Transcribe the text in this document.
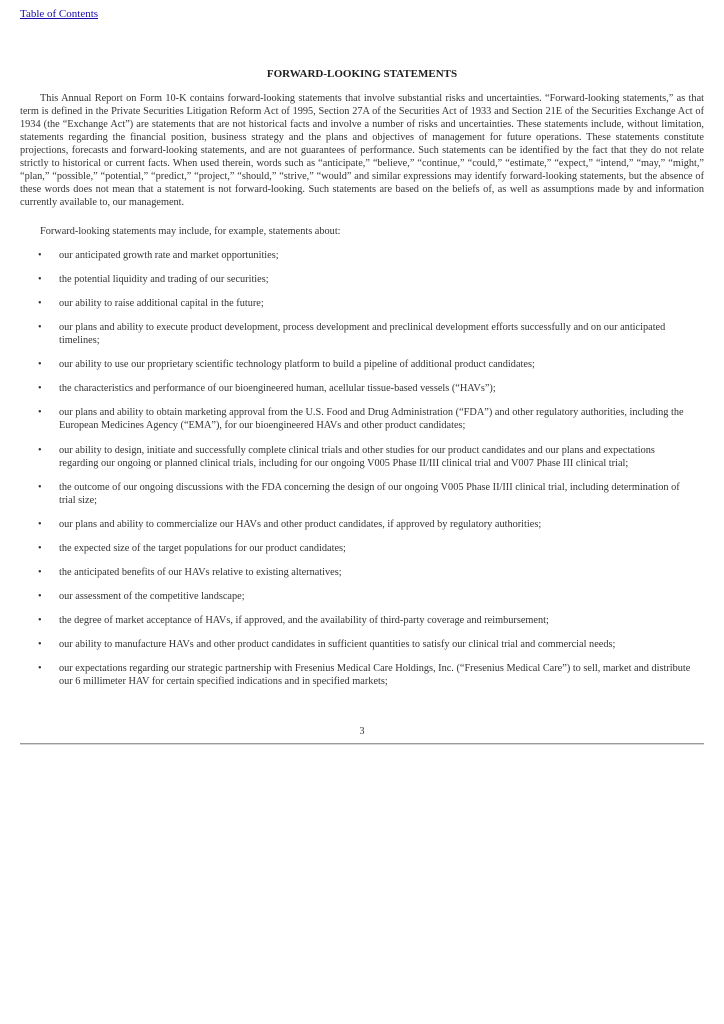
Table of Contents
FORWARD-LOOKING STATEMENTS

This Annual Report on Form 10-K contains forward-looking statements that involve substantial risks and uncertainties. “Forward-looking statements,” as that term is defined in the Private Securities Litigation Reform Act of 1995, Section 27A of the Securities Act of 1933 and Section 21E of the Securities Exchange Act of 1934 (the “Exchange Act”) are statements that are not historical facts and involve a number of risks and uncertainties. These statements include, without limitation, statements regarding the financial position, business strategy and the plans and objectives of management for future operations. These statements constitute projections, forecasts and forward-looking statements, and are not guarantees of performance. Such statements can be identified by the fact that they do not relate strictly to historical or current facts. When used therein, words such as “anticipate,” “believe,” “continue,” “could,” “estimate,” “expect,” “intend,” “may,” “might,” “plan,” “possible,” “potential,” “predict,” “project,” “should,” “strive,” “would” and similar expressions may identify forward-looking statements, but the absence of these words does not mean that a statement is not forward-looking. Such statements are based on the beliefs of, as well as assumptions made by and information currently available to, our management.

Forward-looking statements may include, for example, statements about:

•	our anticipated growth rate and market opportunities;
•	the potential liquidity and trading of our securities;
•	our ability to raise additional capital in the future;
•	our plans and ability to execute product development, process development and preclinical development efforts successfully and on our anticipated timelines;
•	our ability to use our proprietary scientific technology platform to build a pipeline of additional product candidates;
•	the characteristics and performance of our bioengineered human, acellular tissue-based vessels (“HAVs”);
•	our plans and ability to obtain marketing approval from the U.S. Food and Drug Administration (“FDA”) and other regulatory authorities, including the European Medicines Agency (“EMA”), for our bioengineered HAVs and other product candidates;
•	our ability to design, initiate and successfully complete clinical trials and other studies for our product candidates and our plans and expectations regarding our ongoing or planned clinical trials, including for our ongoing V005 Phase II/III clinical trial and V007 Phase III clinical trial;
•	the outcome of our ongoing discussions with the FDA concerning the design of our ongoing V005 Phase II/III clinical trial, including determination of trial size;
•	our plans and ability to commercialize our HAVs and other product candidates, if approved by regulatory authorities;
•	the expected size of the target populations for our product candidates;
•	the anticipated benefits of our HAVs relative to existing alternatives;
•	our assessment of the competitive landscape;
•	the degree of market acceptance of HAVs, if approved, and the availability of third-party coverage and reimbursement;
•	our ability to manufacture HAVs and other product candidates in sufficient quantities to satisfy our clinical trial and commercial needs;
•	our expectations regarding our strategic partnership with Fresenius Medical Care Holdings, Inc. (“Fresenius Medical Care”) to sell, market and distribute our 6 millimeter HAV for certain specified indications and in specified markets;
3
